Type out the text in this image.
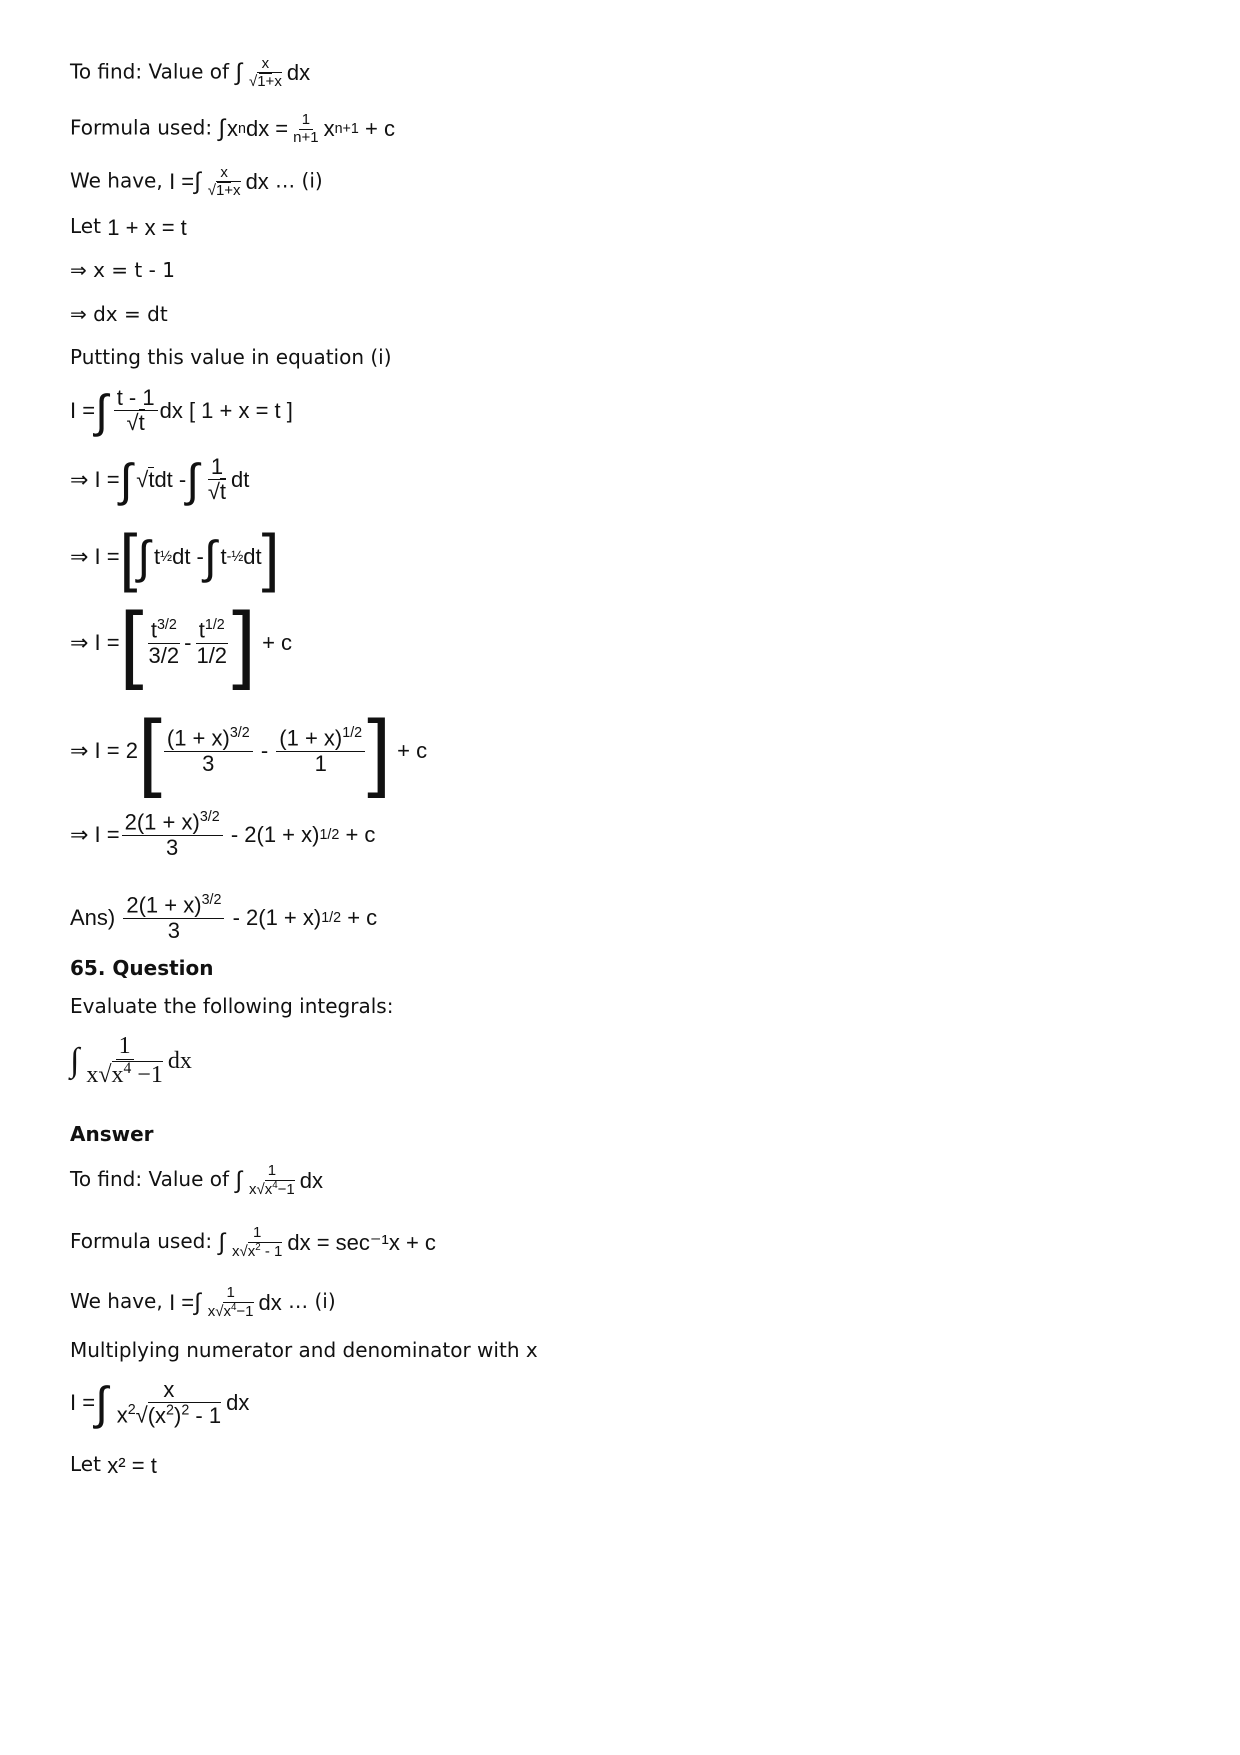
To find: Value of ∫ $\frac{x}{√1+x}$ dx
Formula used: ∫ x n dx = $\frac{1}{n+1}$ x n+1 + c
We have, I = ∫ $\frac{x}{√1+x}$ dx … (i)
Let 1 + x = t
⇒ x = t - 1
⇒ dx = dt
Putting this value in equation (i)
I = ∫ $\frac{t - 1}{√t}$ dx [ 1 + x = t ]
⇒ I = ∫ √ t dt - ∫ $\frac{1}{√t}$ dt
⇒ I = [ ∫ t ½ dt - ∫ t -½ dt ]
⇒ I = [ $\frac{t^{3/2}}{3/2} - \frac{t^{1/2}}{1/2}$ ]
+ c
⇒ I = 2 [ $\frac{(1 + x)^{3/2}}{3} - \frac{(1 + x)^{1/2}}{1}$ ]
+ c
⇒ $I = \frac{2(1 + x)^{3/2}}{3} - 2(1 + x)$ 1/2
+ c
Ans)
$\frac{2(1 + x)^{3/2}}{3} - 2(1 + x)$ 1/2
+ c
65. Question
Evaluate the following integrals:
∫ $\frac{1}{x√x^4 -1}$ dx
Answer
To find: Value of ∫ $\frac{1}{x√x^4-1}$ dx
Formula used: ∫ $\frac{1}{x√x^2 - 1}$ dx = sec⁻¹x + c
We have, I = ∫ $\frac{1}{x√x^4-1}$ dx … (i)
Multiplying numerator and denominator with x
I = ∫ $\frac{x}{x^2√(x^2)^2 - 1}$ dx
Let x² = t
